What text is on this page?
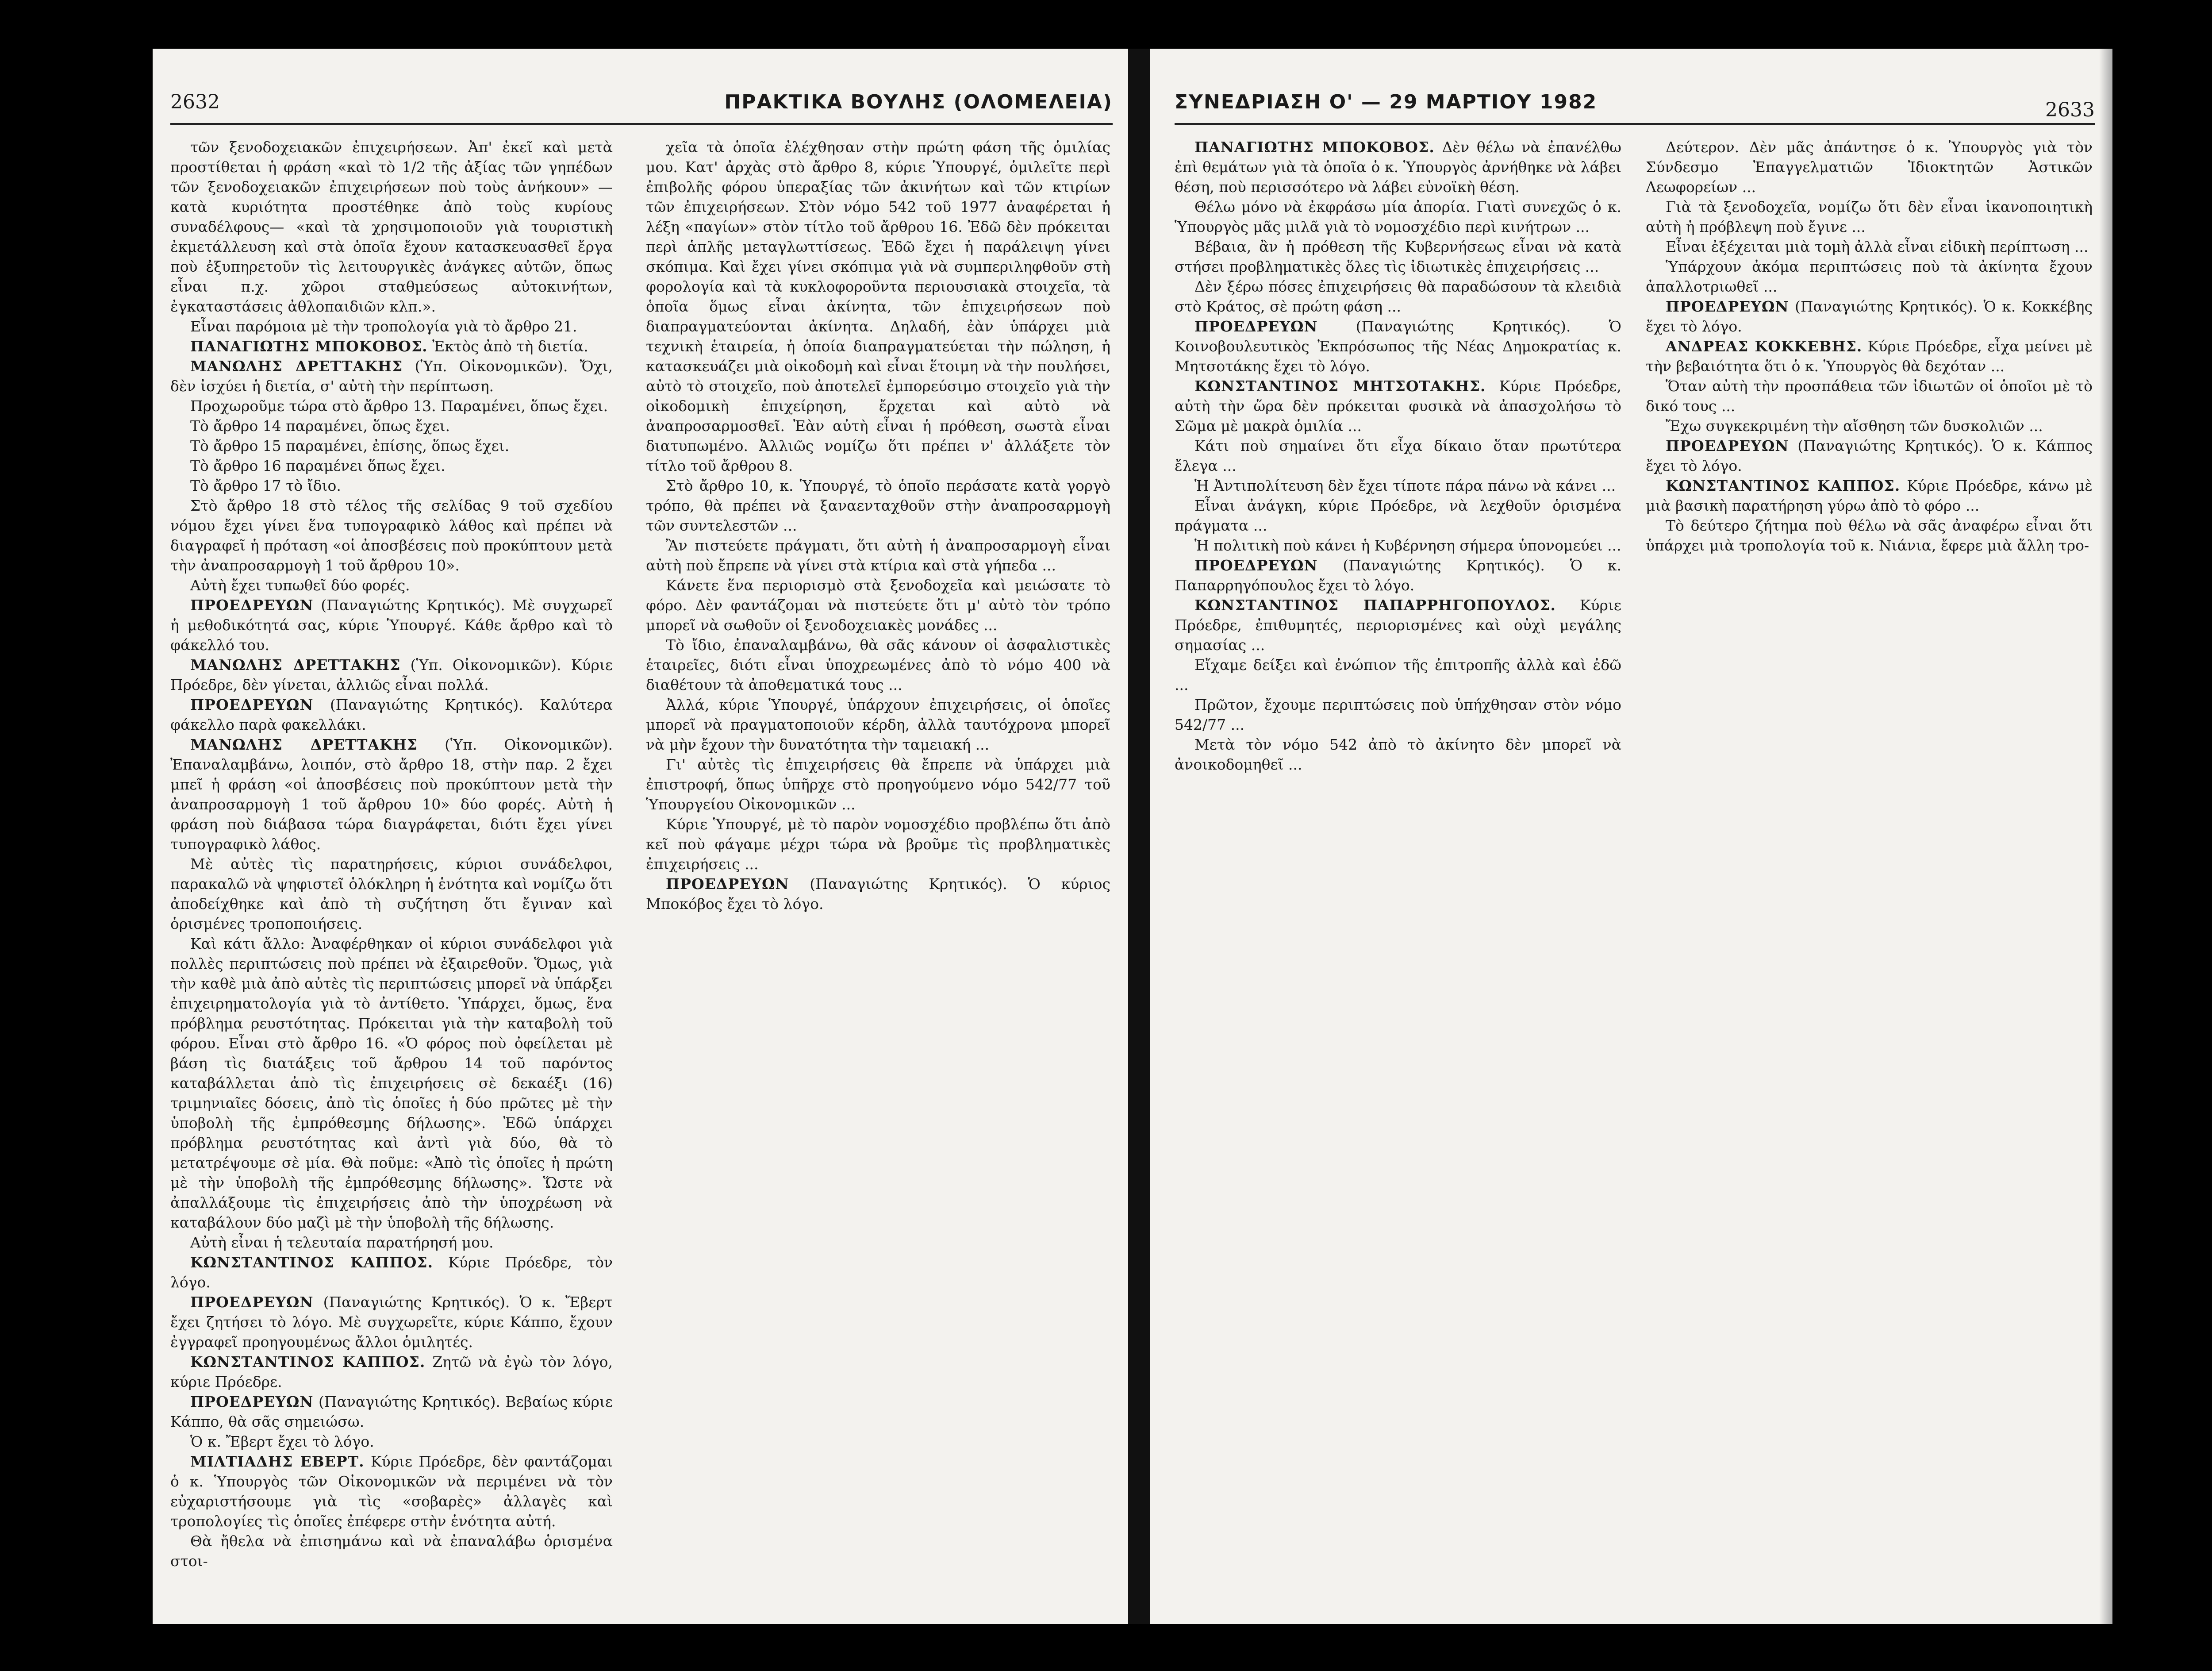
2632	ΠΡΑΚΤΙΚΑ ΒΟΥΛΗΣ (ΟΛΟΜΕΛΕΙΑ)

τῶν ξενοδοχειακῶν ἐπιχειρήσεων. Ἀπ' ἐκεῖ καὶ μετὰ προστίθεται ἡ φράση «καὶ τὸ 1/2 τῆς ἀξίας τῶν γηπέδων τῶν ξενοδοχειακῶν ἐπιχειρήσεων ποὺ τοὺς ἀνήκουν» —κατὰ κυριότητα προστέθηκε ἀπὸ τοὺς κυρίους συναδέλφους— «καὶ τὰ χρησιμοποιοῦν γιὰ τουριστικὴ ἐκμετάλλευση καὶ στὰ ὁποῖα ἔχουν κατασκευασθεῖ ἔργα ποὺ ἐξυπηρετοῦν τὶς λειτουργικὲς ἀνάγκες αὐτῶν, ὅπως εἶναι π.χ. χῶροι σταθμεύσεως αὐτοκινήτων, ἐγκαταστάσεις ἀθλοπαιδιῶν κλπ.».

Εἶναι παρόμοια μὲ τὴν τροπολογία γιὰ τὸ ἄρθρο 21.

ΠΑΝΑΓΙΩΤΗΣ ΜΠΟΚΟΒΟΣ. Ἐκτὸς ἀπὸ τὴ διετία.

ΜΑΝΩΛΗΣ ΔΡΕΤΤΑΚΗΣ (Ὑπ. Οἰκονομικῶν). Ὄχι, δὲν ἰσχύει ἡ διετία, σ' αὐτὴ τὴν περίπτωση.

Προχωροῦμε τώρα στὸ ἄρθρο 13. Παραμένει, ὅπως ἔχει.

Τὸ ἄρθρο 14 παραμένει, ὅπως ἔχει.

Τὸ ἄρθρο 15 παραμένει, ἐπίσης, ὅπως ἔχει.

Τὸ ἄρθρο 16 παραμένει ὅπως ἔχει.

Τὸ ἄρθρο 17 τὸ ἴδιο.

Στὸ ἄρθρο 18 στὸ τέλος τῆς σελίδας 9 τοῦ σχεδίου νόμου ἔχει γίνει ἕνα τυπογραφικὸ λάθος καὶ πρέπει νὰ διαγραφεῖ ἡ πρόταση «οἱ ἀποσβέσεις ποὺ προκύπτουν μετὰ τὴν ἀναπροσαρμογὴ 1 τοῦ ἄρθρου 10».

Αὐτὴ ἔχει τυπωθεῖ δύο φορές.

ΠΡΟΕΔΡΕΥΩΝ (Παναγιώτης Κρητικός). Μὲ συγχωρεῖ ἡ μεθοδικότητά σας, κύριε Ὑπουργέ. Κάθε ἄρθρο καὶ τὸ φάκελλό του.

ΜΑΝΩΛΗΣ ΔΡΕΤΤΑΚΗΣ (Ὑπ. Οἰκονομικῶν). Κύριε Πρόεδρε, δὲν γίνεται, ἀλλιῶς εἶναι πολλά.

ΠΡΟΕΔΡΕΥΩΝ (Παναγιώτης Κρητικός). Καλύτερα φάκελλο παρὰ φακελλάκι.

ΜΑΝΩΛΗΣ ΔΡΕΤΤΑΚΗΣ (Ὑπ. Οἰκονομικῶν). Ἐπαναλαμβάνω, λοιπόν, στὸ ἄρθρο 18, στὴν παρ. 2 ἔχει μπεῖ ἡ φράση «οἱ ἀποσβέσεις ποὺ προκύπτουν μετὰ τὴν ἀναπροσαρμογὴ 1 τοῦ ἄρθρου 10» δύο φορές. Αὐτὴ ἡ φράση ποὺ διάβασα τώρα διαγράφεται, διότι ἔχει γίνει τυπογραφικὸ λάθος.

Μὲ αὐτὲς τὶς παρατηρήσεις, κύριοι συνάδελφοι, παρακαλῶ νὰ ψηφιστεῖ ὁλόκληρη ἡ ἑνότητα καὶ νομίζω ὅτι ἀποδείχθηκε καὶ ἀπὸ τὴ συζήτηση ὅτι ἔγιναν καὶ ὁρισμένες τροποποιήσεις.

Καὶ κάτι ἄλλο: Ἀναφέρθηκαν οἱ κύριοι συνάδελφοι γιὰ πολλὲς περιπτώσεις ποὺ πρέπει νὰ ἐξαιρεθοῦν. Ὅμως, γιὰ τὴν καθὲ μιὰ ἀπὸ αὐτὲς τὶς περιπτώσεις μπορεῖ νὰ ὑπάρξει ἐπιχειρηματολογία γιὰ τὸ ἀντίθετο. Ὑπάρχει, ὅμως, ἕνα πρόβλημα ρευστότητας. Πρόκειται γιὰ τὴν καταβολὴ τοῦ φόρου. Εἶναι στὸ ἄρθρο 16. «Ὁ φόρος ποὺ ὀφείλεται μὲ βάση τὶς διατάξεις τοῦ ἄρθρου 14 τοῦ παρόντος καταβάλλεται ἀπὸ τὶς ἐπιχειρήσεις σὲ δεκαέξι (16) τριμηνιαῖες δόσεις, ἀπὸ τὶς ὁποῖες ἡ δύο πρῶτες μὲ τὴν ὑποβολὴ τῆς ἐμπρόθεσμης δήλωσης». Ἐδῶ ὑπάρχει πρόβλημα ρευστότητας καὶ ἀντὶ γιὰ δύο, θὰ τὸ μετατρέψουμε σὲ μία. Θὰ ποῦμε: «Ἀπὸ τὶς ὁποῖες ἡ πρώτη μὲ τὴν ὑποβολὴ τῆς ἐμπρόθεσμης δήλωσης». Ὥστε νὰ ἀπαλλάξουμε τὶς ἐπιχειρήσεις ἀπὸ τὴν ὑποχρέωση νὰ καταβάλουν δύο μαζὶ μὲ τὴν ὑποβολὴ τῆς δήλωσης.

Αὐτὴ εἶναι ἡ τελευταία παρατήρησή μου.

ΚΩΝΣΤΑΝΤΙΝΟΣ ΚΑΠΠΟΣ. Κύριε Πρόεδρε, τὸν λόγο.

ΠΡΟΕΔΡΕΥΩΝ (Παναγιώτης Κρητικός). Ὁ κ. Ἔβερτ ἔχει ζητήσει τὸ λόγο. Μὲ συγχωρεῖτε, κύριε Κάππο, ἔχουν ἐγγραφεῖ προηγουμένως ἄλλοι ὁμιλητές.

ΚΩΝΣΤΑΝΤΙΝΟΣ ΚΑΠΠΟΣ. Ζητῶ νὰ ἐγὼ τὸν λόγο, κύριε Πρόεδρε.

ΠΡΟΕΔΡΕΥΩΝ (Παναγιώτης Κρητικός). Βεβαίως κύριε Κάππο, θὰ σᾶς σημειώσω.

Ὁ κ. Ἔβερτ ἔχει τὸ λόγο.

ΜΙΛΤΙΑΔΗΣ ΕΒΕΡΤ. Κύριε Πρόεδρε, δὲν φαντάζομαι ὁ κ. Ὑπουργὸς τῶν Οἰκονομικῶν νὰ περιμένει νὰ τὸν εὐχαριστήσουμε γιὰ τὶς «σοβαρὲς» ἀλλαγὲς καὶ τροπολογίες τὶς ὁποῖες ἐπέφερε στὴν ἑνότητα αὐτή.

Θὰ ἤθελα νὰ ἐπισημάνω καὶ νὰ ἐπαναλάβω ὁρισμένα στοι-

χεῖα τὰ ὁποῖα ἐλέχθησαν στὴν πρώτη φάση τῆς ὁμιλίας μου. Κατ' ἀρχὰς στὸ ἄρθρο 8, κύριε Ὑπουργέ, ὁμιλεῖτε περὶ ἐπιβολῆς φόρου ὑπεραξίας τῶν ἀκινήτων καὶ τῶν κτιρίων τῶν ἐπιχειρήσεων. Στὸν νόμο 542 τοῦ 1977 ἀναφέρεται ἡ λέξη «παγίων» στὸν τίτλο τοῦ ἄρθρου 16. Ἐδῶ δὲν πρόκειται περὶ ἁπλῆς μεταγλωττίσεως. Ἐδῶ ἔχει ἡ παράλειψη γίνει σκόπιμα. Καὶ ἔχει γίνει σκόπιμα γιὰ νὰ συμπεριληφθοῦν στὴ φορολογία καὶ τὰ κυκλοφοροῦντα περιουσιακὰ στοιχεῖα, τὰ ὁποῖα ὅμως εἶναι ἀκίνητα, τῶν ἐπιχειρήσεων ποὺ διαπραγματεύονται ἀκίνητα. Δηλαδή, ἐὰν ὑπάρχει μιὰ τεχνικὴ ἑταιρεία, ἡ ὁποία διαπραγματεύεται τὴν πώληση, ἡ κατασκευάζει μιὰ οἰκοδομὴ καὶ εἶναι ἕτοιμη νὰ τὴν πουλήσει, αὐτὸ τὸ στοιχεῖο, ποὺ ἀποτελεῖ ἐμπορεύσιμο στοιχεῖο γιὰ τὴν οἰκοδομικὴ ἐπιχείρηση, ἔρχεται καὶ αὐτὸ νὰ ἀναπροσαρμοσθεῖ. Ἐὰν αὐτὴ εἶναι ἡ πρόθεση, σωστὰ εἶναι διατυπωμένο. Ἀλλιῶς νομίζω ὅτι πρέπει ν' ἀλλάξετε τὸν τίτλο τοῦ ἄρθρου 8.

Στὸ ἄρθρο 10, κ. Ὑπουργέ, τὸ ὁποῖο περάσατε κατὰ γοργὸ τρόπο, θὰ πρέπει νὰ ξαναενταχθοῦν στὴν ἀναπροσαρμογὴ τῶν συντελεστῶν ...

Ἂν πιστεύετε πράγματι, ὅτι αὐτὴ ἡ ἀναπροσαρμογὴ εἶναι αὐτὴ ποὺ ἔπρεπε νὰ γίνει στὰ κτίρια καὶ στὰ γήπεδα ...

Κάνετε ἕνα περιορισμὸ στὰ ξενοδοχεῖα καὶ μειώσατε τὸ φόρο. Δὲν φαντάζομαι νὰ πιστεύετε ὅτι μ' αὐτὸ τὸν τρόπο μπορεῖ νὰ σωθοῦν οἱ ξενοδοχειακὲς μονάδες ...

Τὸ ἴδιο, ἐπαναλαμβάνω, θὰ σᾶς κάνουν οἱ ἀσφαλιστικὲς ἑταιρεῖες, διότι εἶναι ὑποχρεωμένες ἀπὸ τὸ νόμο 400 νὰ διαθέτουν τὰ ἀποθεματικά τους ...

Ἀλλά, κύριε Ὑπουργέ, ὑπάρχουν ἐπιχειρήσεις, οἱ ὁποῖες μπορεῖ νὰ πραγματοποιοῦν κέρδη, ἀλλὰ ταυτόχρονα μπορεῖ νὰ μὴν ἔχουν τὴν δυνατότητα τὴν ταμειακή ...

Γι' αὐτὲς τὶς ἐπιχειρήσεις θὰ ἔπρεπε νὰ ὑπάρχει μιὰ ἐπιστροφή, ὅπως ὑπῆρχε στὸ προηγούμενο νόμο 542/77 τοῦ Ὑπουργείου Οἰκονομικῶν ...

Κύριε Ὑπουργέ, μὲ τὸ παρὸν νομοσχέδιο προβλέπω ὅτι ἀπὸ κεῖ ποὺ φάγαμε μέχρι τώρα νὰ βροῦμε τὶς προβληματικὲς ἐπιχειρήσεις ...

ΠΡΟΕΔΡΕΥΩΝ (Παναγιώτης Κρητικός). Ὁ κύριος Μποκόβος ἔχει τὸ λόγο.

ΣΥΝΕΔΡΙΑΣΗ Ο' — 29 ΜΑΡΤΙΟΥ 1982	2633

ΠΑΝΑΓΙΩΤΗΣ ΜΠΟΚΟΒΟΣ. Δὲν θέλω νὰ ἐπανέλθω ἐπὶ θεμάτων γιὰ τὰ ὁποῖα ὁ κ. Ὑπουργὸς ἀρνήθηκε νὰ λάβει θέση, ποὺ περισσότερο νὰ λάβει εὐνοϊκὴ θέση.

Θέλω μόνο νὰ ἐκφράσω μία ἀπορία. Γιατὶ συνεχῶς ὁ κ. Ὑπουργὸς μᾶς μιλᾶ γιὰ τὸ νομοσχέδιο περὶ κινήτρων ...

Βέβαια, ἂν ἡ πρόθεση τῆς Κυβερνήσεως εἶναι νὰ κατὰ στήσει προβληματικὲς ὅλες τὶς ἰδιωτικὲς ἐπιχειρήσεις ...

Δὲν ξέρω πόσες ἐπιχειρήσεις θὰ παραδώσουν τὰ κλειδιὰ στὸ Κράτος, σὲ πρώτη φάση ...

ΠΡΟΕΔΡΕΥΩΝ	(Παναγιώτης Κρητικός). Ὁ Κοινοβουλευτικὸς Ἐκπρόσωπος τῆς Νέας Δημοκρατίας κ. Μητσοτάκης ἔχει τὸ λόγο.

ΚΩΝΣΤΑΝΤΙΝΟΣ ΜΗΤΣΟΤΑΚΗΣ. Κύριε Πρόεδρε, αὐτὴ τὴν ὥρα δὲν πρόκειται φυσικὰ νὰ ἀπασχολήσω τὸ Σῶμα μὲ μακρὰ ὁμιλία ...

Κάτι ποὺ σημαίνει ὅτι εἶχα δίκαιο ὅταν πρωτύτερα ἔλεγα ...

Ἡ Ἀντιπολίτευση δὲν ἔχει τίποτε πάρα πάνω νὰ κάνει ...

Εἶναι ἀνάγκη, κύριε Πρόεδρε, νὰ λεχθοῦν ὁρισμένα πράγματα ...

Ἡ πολιτικὴ ποὺ κάνει ἡ Κυβέρνηση σήμερα ὑπονομεύει ...

ΠΡΟΕΔΡΕΥΩΝ (Παναγιώτης Κρητικός). Ὁ κ. Παπαρρηγόπουλος ἔχει τὸ λόγο.

ΚΩΝΣΤΑΝΤΙΝΟΣ ΠΑΠΑΡΡΗΓΟΠΟΥΛΟΣ. Κύριε Πρόεδρε, ἐπιθυμητές, περιορισμένες καὶ οὐχὶ μεγάλης σημασίας ...

Εἴχαμε δείξει καὶ ἐνώπιον τῆς ἐπιτροπῆς ἀλλὰ καὶ ἐδῶ ...

Πρῶτον, ἔχουμε περιπτώσεις ποὺ ὑπήχθησαν στὸν νόμο 542/77 ...

Μετὰ τὸν νόμο 542 ἀπὸ τὸ ἀκίνητο δὲν μπορεῖ νὰ ἀνοικοδομηθεῖ ...

Δεύτερον. Δὲν μᾶς ἀπάντησε ὁ κ. Ὑπουργὸς γιὰ τὸν Σύνδεσμο Ἐπαγγελματιῶν Ἰδιοκτητῶν Ἀστικῶν Λεωφορείων ...

Γιὰ τὰ ξενοδοχεῖα, νομίζω ὅτι δὲν εἶναι ἱκανοποιητικὴ αὐτὴ ἡ πρόβλεψη ποὺ ἔγινε ...

Εἶναι ἐξέχειται μιὰ τομὴ ἀλλὰ εἶναι εἰδικὴ περίπτωση ...

Ὑπάρχουν ἀκόμα περιπτώσεις ποὺ τὰ ἀκίνητα ἔχουν ἀπαλλοτριωθεῖ ...

ΠΡΟΕΔΡΕΥΩΝ (Παναγιώτης Κρητικός). Ὁ κ. Κοκκέβης ἔχει τὸ λόγο.

ΑΝΔΡΕΑΣ ΚΟΚΚΕΒΗΣ. Κύριε Πρόεδρε, εἶχα μείνει μὲ τὴν βεβαιότητα ὅτι ὁ κ. Ὑπουργὸς θὰ δεχόταν ...

Ὅταν αὐτὴ τὴν προσπάθεια τῶν ἰδιωτῶν οἱ ὁποῖοι μὲ τὸ δικό τους ...

Ἔχω συγκεκριμένη τὴν αἴσθηση τῶν δυσκολιῶν ...

ΠΡΟΕΔΡΕΥΩΝ (Παναγιώτης Κρητικός). Ὁ κ. Κάππος ἔχει τὸ λόγο.

ΚΩΝΣΤΑΝΤΙΝΟΣ ΚΑΠΠΟΣ. Κύριε Πρόεδρε, κάνω μὲ μιὰ βασικὴ παρατήρηση γύρω ἀπὸ τὸ φόρο ...

Τὸ δεύτερο ζήτημα ποὺ θέλω νὰ σᾶς ἀναφέρω εἶναι ὅτι ὑπάρχει μιὰ τροπολογία τοῦ κ. Νιάνια, ἔφερε μιὰ ἄλλη τρο-
